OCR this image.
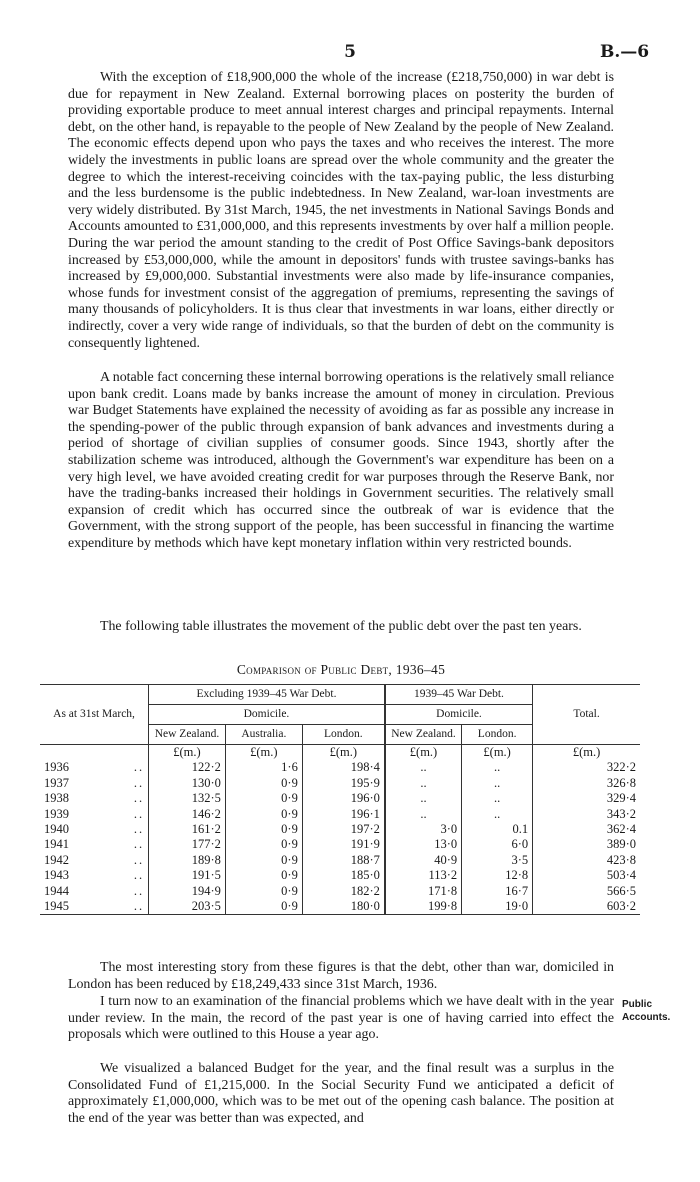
5	B.—6

With the exception of £18,900,000 the whole of the increase (£218,750,000) in war debt is due for repayment in New Zealand. External borrowing places on posterity the burden of providing exportable produce to meet annual interest charges and principal repayments. Internal debt, on the other hand, is repayable to the people of New Zealand by the people of New Zealand. The economic effects depend upon who pays the taxes and who receives the interest. The more widely the investments in public loans are spread over the whole community and the greater the degree to which the interest-receiving coincides with the tax-paying public, the less disturbing and the less burdensome is the public indebtedness. In New Zealand, war-loan investments are very widely distributed. By 31st March, 1945, the net investments in National Savings Bonds and Accounts amounted to £31,000,000, and this represents investments by over half a million people. During the war period the amount standing to the credit of Post Office Savings-bank depositors increased by £53,000,000, while the amount in depositors' funds with trustee savings-banks has increased by £9,000,000. Substantial investments were also made by life-insurance companies, whose funds for investment consist of the aggregation of premiums, representing the savings of many thousands of policyholders. It is thus clear that investments in war loans, either directly or indirectly, cover a very wide range of individuals, so that the burden of debt on the community is consequently lightened.

A notable fact concerning these internal borrowing operations is the relatively small reliance upon bank credit. Loans made by banks increase the amount of money in circulation. Previous war Budget Statements have explained the necessity of avoiding as far as possible any increase in the spending-power of the public through expansion of bank advances and investments during a period of shortage of civilian supplies of consumer goods. Since 1943, shortly after the stabilization scheme was introduced, although the Government's war expenditure has been on a very high level, we have avoided creating credit for war purposes through the Reserve Bank, nor have the trading-banks increased their holdings in Government securities. The relatively small expansion of credit which has occurred since the outbreak of war is evidence that the Government, with the strong support of the people, has been successful in financing the wartime expenditure by methods which have kept monetary inflation within very restricted bounds.

The following table illustrates the movement of the public debt over the past ten years.

Comparison of Public Debt, 1936–45
As at 31st March,		Excluding 1939–45 War Debt.			1939–45 War Debt.		Total.
		Domicile.			Domicile.		
		New Zealand.	Australia.	London.	New Zealand.	London.	
		£(m.)	£(m.)	£(m.)	£(m.)	£(m.)	£(m.)
1936	..	122·2	1·6	198·4	..	..	322·2
1937	..	130·0	0·9	195·9	..	..	326·8
1938	..	132·5	0·9	196·0	..	..	329·4
1939	..	146·2	0·9	196·1	..	..	343·2
1940	..	161·2	0·9	197·2	3·0	0.1	362·4
1941	..	177·2	0·9	191·9	13·0	6·0	389·0
1942	..	189·8	0·9	188·7	40·9	3·5	423·8
1943	..	191·5	0·9	185·0	113·2	12·8	503·4
1944	..	194·9	0·9	182·2	171·8	16·7	566·5
1945	..	203·5	0·9	180·0	199·8	19·0	603·2

The most interesting story from these figures is that the debt, other than war, domiciled in London has been reduced by £18,249,433 since 31st March, 1936.

I turn now to an examination of the financial problems which we have dealt with in the year under review. In the main, the record of the past year is one of having carried into effect the proposals which were outlined to this House a year ago.

We visualized a balanced Budget for the year, and the final result was a surplus in the Consolidated Fund of £1,215,000. In the Social Security Fund we anticipated a deficit of approximately £1,000,000, which was to be met out of the opening cash balance. The position at the end of the year was better than was expected, and

Public
Accounts.
